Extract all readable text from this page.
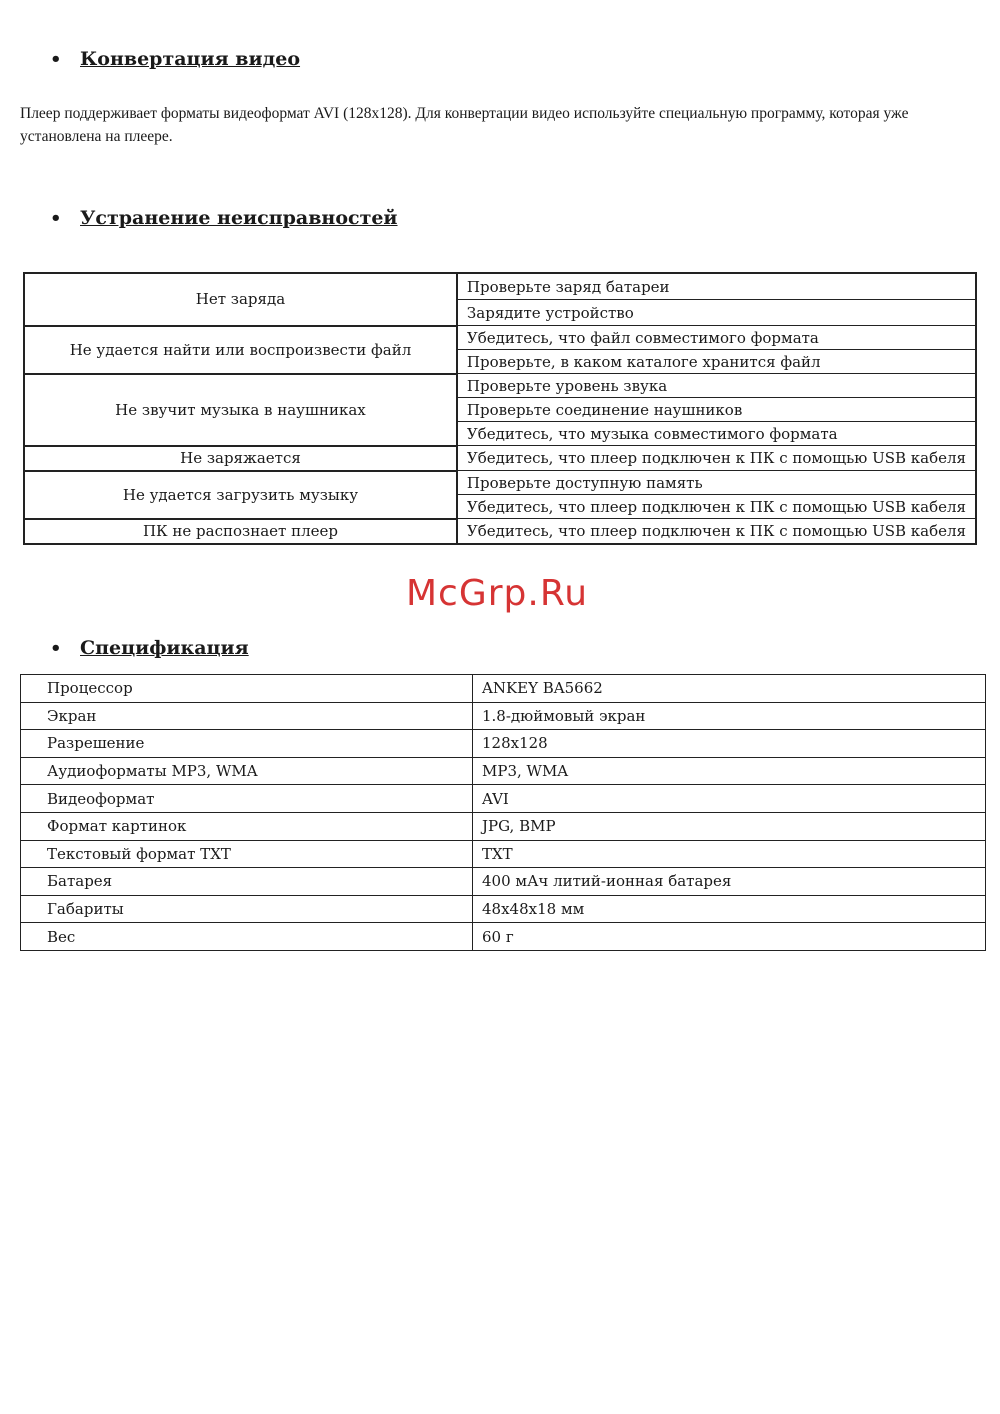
• Конвертация видео
Плеер поддерживает форматы видеоформат AVI (128x128). Для конвертации видео используйте специальную программу, которая уже установлена на плеере.
• Устранение неисправностей
Нет заряда	Проверьте заряд батареи
	Зарядите устройство
Не удается найти или воспроизвести файл	Убедитесь, что файл совместимого формата
	Проверьте, в каком каталоге хранится файл
Не звучит музыка в наушниках	Проверьте уровень звука
	Проверьте соединение наушников
	Убедитесь, что музыка совместимого формата
Не заряжается	Убедитесь, что плеер подключен к ПК с помощью USB кабеля
Не удается загрузить музыку	Проверьте доступную память
	Убедитесь, что плеер подключен к ПК с помощью USB кабеля
ПК не распознает плеер	Убедитесь, что плеер подключен к ПК с помощью USB кабеля
McGrp.Ru
• Спецификация
Процессор	ANKEY BA5662
Экран	1.8-дюймовый экран
Разрешение	128x128
Аудиоформаты MP3, WMA	MP3, WMA
Видеоформат	AVI
Формат картинок	JPG, BMP
Текстовый формат TXT	TXT
Батарея	400 мАч литий-ионная батарея
Габариты	48x48x18 мм
Вес	60 г
